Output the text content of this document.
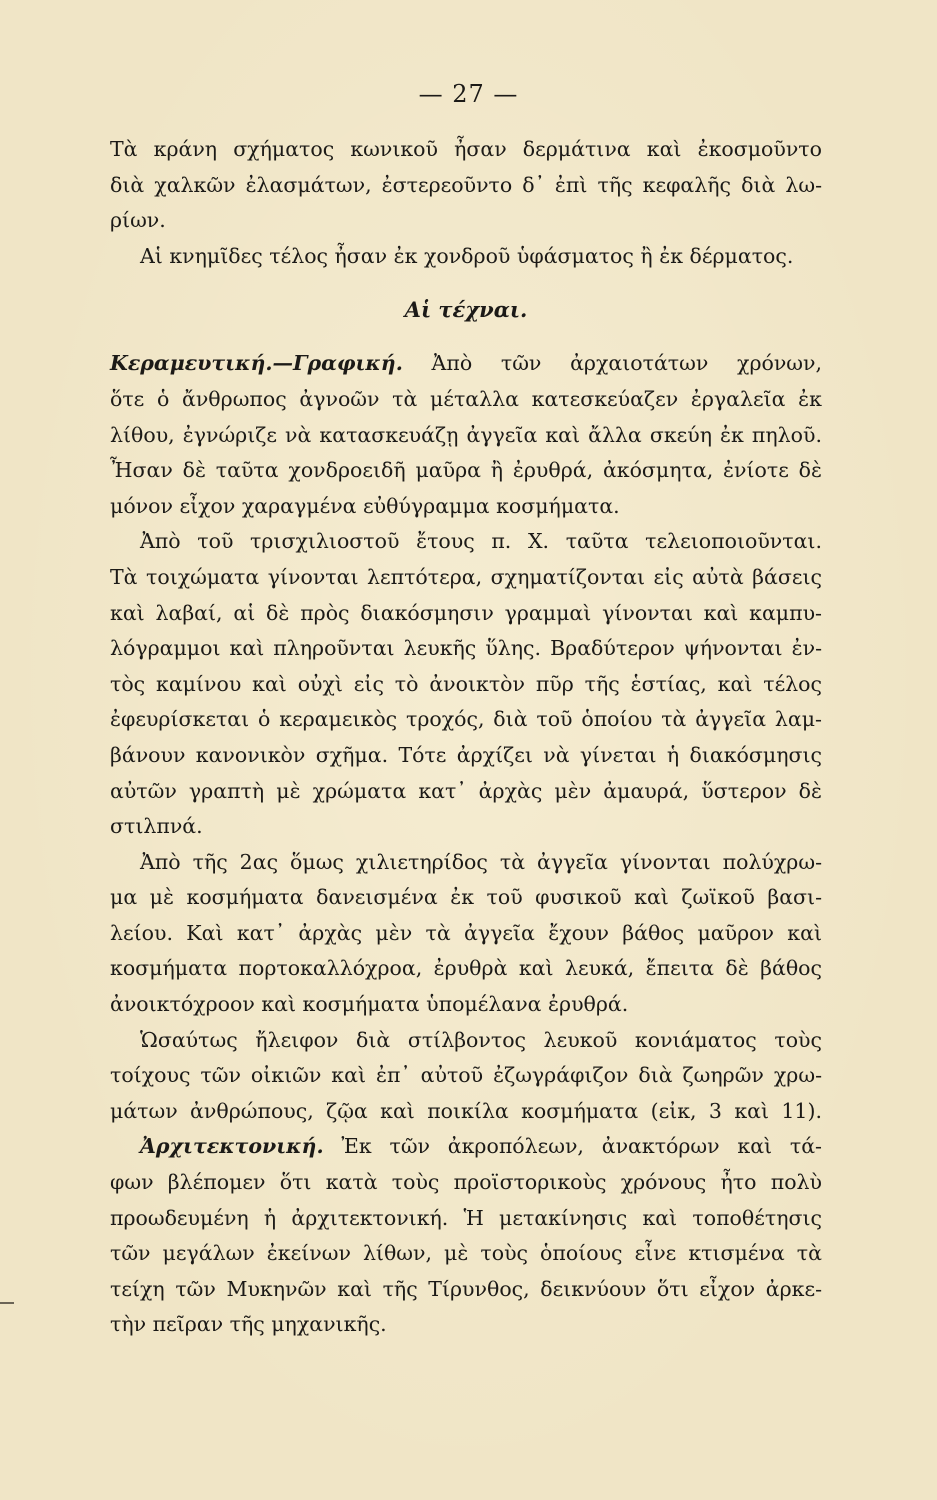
— 27 —
Τὰ κράνη σχήματος κωνικοῦ ἦσαν δερμάτινα καὶ ἐκοσμοῦντο
διὰ χαλκῶν ἐλασμάτων, ἐστερεοῦντο δ᾽ ἐπὶ τῆς κεφαλῆς διὰ λω-
ρίων.
Αἱ κνημῖδες τέλος ἦσαν ἐκ χονδροῦ ὑφάσματος ἢ ἐκ δέρματος.
Αἱ τέχναι.
Κεραμευτική.—Γραφική. Ἀπὸ τῶν ἀρχαιοτάτων χρόνων,
ὅτε ὁ ἄνθρωπος ἀγνοῶν τὰ μέταλλα κατεσκεύαζεν ἐργαλεῖα ἐκ
λίθου, ἐγνώριζε νὰ κατασκευάζῃ ἀγγεῖα καὶ ἄλλα σκεύη ἐκ πηλοῦ.
Ἦσαν δὲ ταῦτα χονδροειδῆ μαῦρα ἢ ἐρυθρά, ἀκόσμητα, ἐνίοτε δὲ
μόνον εἶχον χαραγμένα εὐθύγραμμα κοσμήματα.
Ἀπὸ τοῦ τρισχιλιοστοῦ ἔτους π. Χ. ταῦτα τελειοποιοῦνται.
Τὰ τοιχώματα γίνονται λεπτότερα, σχηματίζονται εἰς αὐτὰ βάσεις
καὶ λαβαί, αἱ δὲ πρὸς διακόσμησιν γραμμαὶ γίνονται καὶ καμπυ-
λόγραμμοι καὶ πληροῦνται λευκῆς ὕλης. Βραδύτερον ψήνονται ἐν-
τὸς καμίνου καὶ οὐχὶ εἰς τὸ ἀνοικτὸν πῦρ τῆς ἑστίας, καὶ τέλος
ἐφευρίσκεται ὁ κεραμεικὸς τροχός, διὰ τοῦ ὁποίου τὰ ἀγγεῖα λαμ-
βάνουν κανονικὸν σχῆμα. Τότε ἀρχίζει νὰ γίνεται ἡ διακόσμησις
αὐτῶν γραπτὴ μὲ χρώματα κατ᾽ ἀρχὰς μὲν ἀμαυρά, ὕστερον δὲ
στιλπνά.
Ἀπὸ τῆς 2ας ὅμως χιλιετηρίδος τὰ ἀγγεῖα γίνονται πολύχρω-
μα μὲ κοσμήματα δανεισμένα ἐκ τοῦ φυσικοῦ καὶ ζωϊκοῦ βασι-
λείου. Καὶ κατ᾽ ἀρχὰς μὲν τὰ ἀγγεῖα ἔχουν βάθος μαῦρον καὶ
κοσμήματα πορτοκαλλόχροα, ἐρυθρὰ καὶ λευκά, ἔπειτα δὲ βάθος
ἀνοικτόχροον καὶ κοσμήματα ὑπομέλανα ἐρυθρά.
Ὡσαύτως ἤλειφον διὰ στίλβοντος λευκοῦ κονιάματος τοὺς
τοίχους τῶν οἰκιῶν καὶ ἐπ᾽ αὐτοῦ ἐζωγράφιζον διὰ ζωηρῶν χρω-
μάτων ἀνθρώπους, ζῷα καὶ ποικίλα κοσμήματα (εἰκ, 3 καὶ 11).
Ἀρχιτεκτονική. Ἐκ τῶν ἀκροπόλεων, ἀνακτόρων καὶ τά-
φων βλέπομεν ὅτι κατὰ τοὺς προϊστορικοὺς χρόνους ἦτο πολὺ
προωδευμένη ἡ ἀρχιτεκτονική. Ἡ μετακίνησις καὶ τοποθέτησις
τῶν μεγάλων ἐκείνων λίθων, μὲ τοὺς ὁποίους εἶνε κτισμένα τὰ
τείχη τῶν Μυκηνῶν καὶ τῆς Τίρυνθος, δεικνύουν ὅτι εἶχον ἀρκε-
τὴν πεῖραν τῆς μηχανικῆς.
